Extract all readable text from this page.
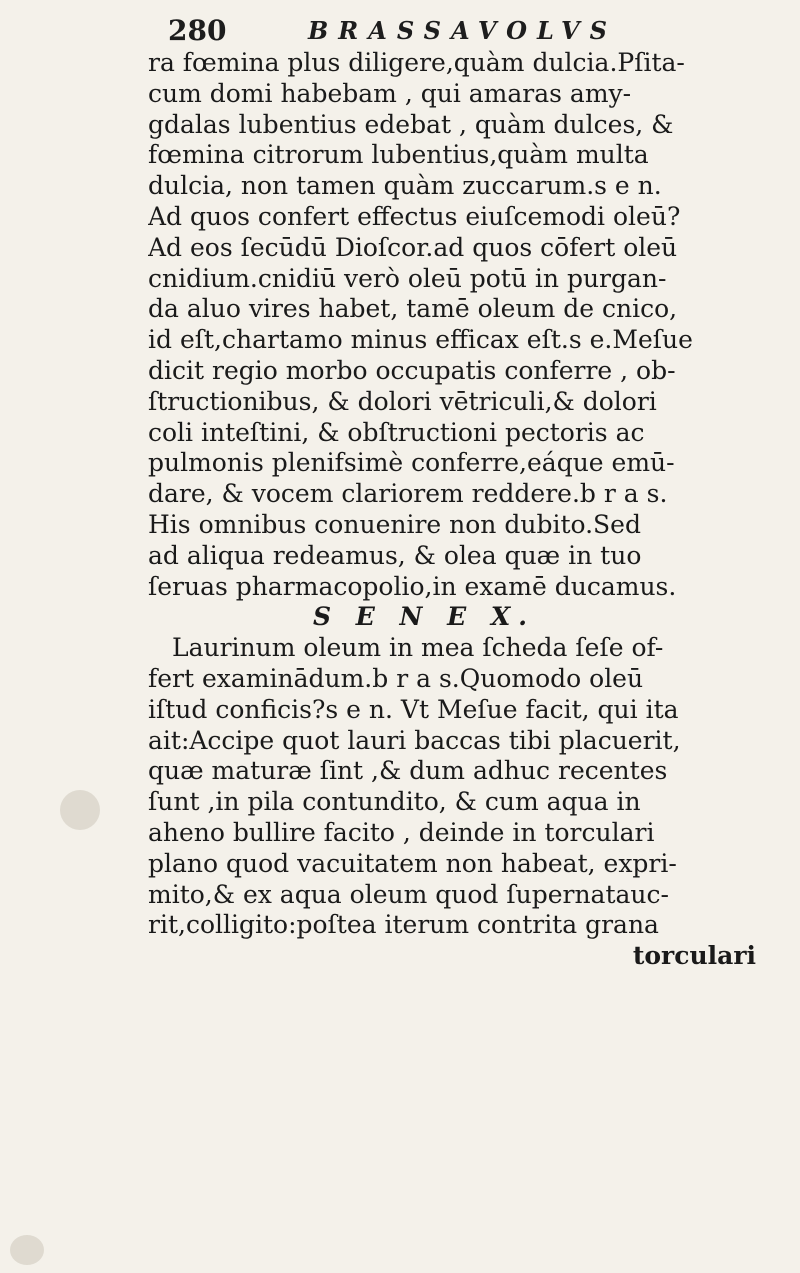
280	BRASSAVOLVS
ra fœmina plus diligere,quàm dulcia.Pſita-
cum domi habebam , qui amaras amy-
gdalas lubentius edebat , quàm dulces, &
fœmina citrorum lubentius,quàm multa
dulcia, non tamen quàm zuccarum.s e n.
Ad quos confert effectus eiuſcemodi oleū?
Ad eos ſecūdū Dioſcor.ad quos cōfert oleū
cnidium.cnidiū verò oleū potū in purgan-
da aluo vires habet, tamē oleum de cnico,
id eſt,chartamo minus efficax eſt.s e.Meſue
dicit regio morbo occupatis conferre , ob-
ſtructionibus, & dolori vētriculi,& dolori
coli inteſtini, & obſtructioni pectoris ac
pulmonis plenifsimè conferre,eáque emū-
dare, & vocem clariorem reddere.b r a s.
His omnibus conuenire non dubito.Sed
ad aliqua redeamus, & olea quæ in tuo
ſeruas pharmacopolio,in examē ducamus.
S E N E X.
Laurinum oleum in mea ſcheda ſeſe of-
fert examinādum.b r a s.Quomodo oleū
iſtud conficis?s e n. Vt Meſue facit, qui ita
ait:Accipe quot lauri baccas tibi placuerit,
quæ maturæ ſint ,& dum adhuc recentes
ſunt ,in pila contundito, & cum aqua in
aheno bullire facito , deinde in torculari
plano quod vacuitatem non habeat, expri-
mito,& ex aqua oleum quod ſupernatauc-
rit,colligito:poſtea iterum contrita grana
torculari
